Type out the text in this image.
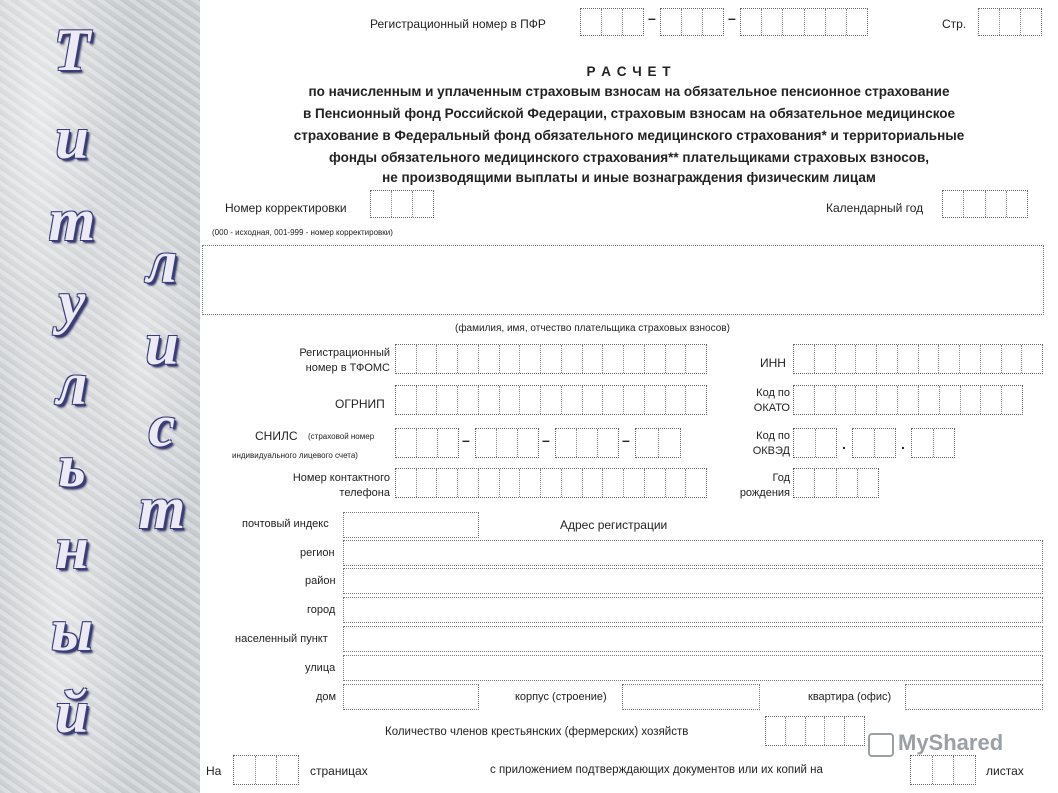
Т
и
т
у
л
ь
н
ы
й
л
и
с
т
Регистрационный номер в ПФР	–	–	Стр.
Р А С Ч Е Т
по начисленным и уплаченным страховым взносам на обязательное пенсионное страхование
в Пенсионный фонд Российской Федерации, страховым взносам на обязательное медицинское
страхование в Федеральный фонд обязательного медицинского страхования* и территориальные
фонды обязательного медицинского страхования** плательщиками страховых взносов,
не производящими выплаты и иные вознаграждения физическим лицам
Номер корректировки
(000 - исходная, 001-999 - номер корректировки)
Календарный год
(фамилия, имя, отчество плательщика страховых взносов)
Регистрационный
номер в ТФОМС	ИНН
ОГРНИП
Код по
ОКАТО
СНИЛС (страховой номер
индивидуального лицевого счета)
–	–	–	Код по
ОКВЭД	.	.
Номер контактного
телефона
Год
рождения
почтовый индекс	Адрес регистрации
регион
район
город
населенный пункт
улица
дом	корпус (строение)	квартира (офис)
Количество членов крестьянских (фермерских) хозяйств
На	страницах	с приложением подтверждающих документов или их копий на	листах
MyShared
